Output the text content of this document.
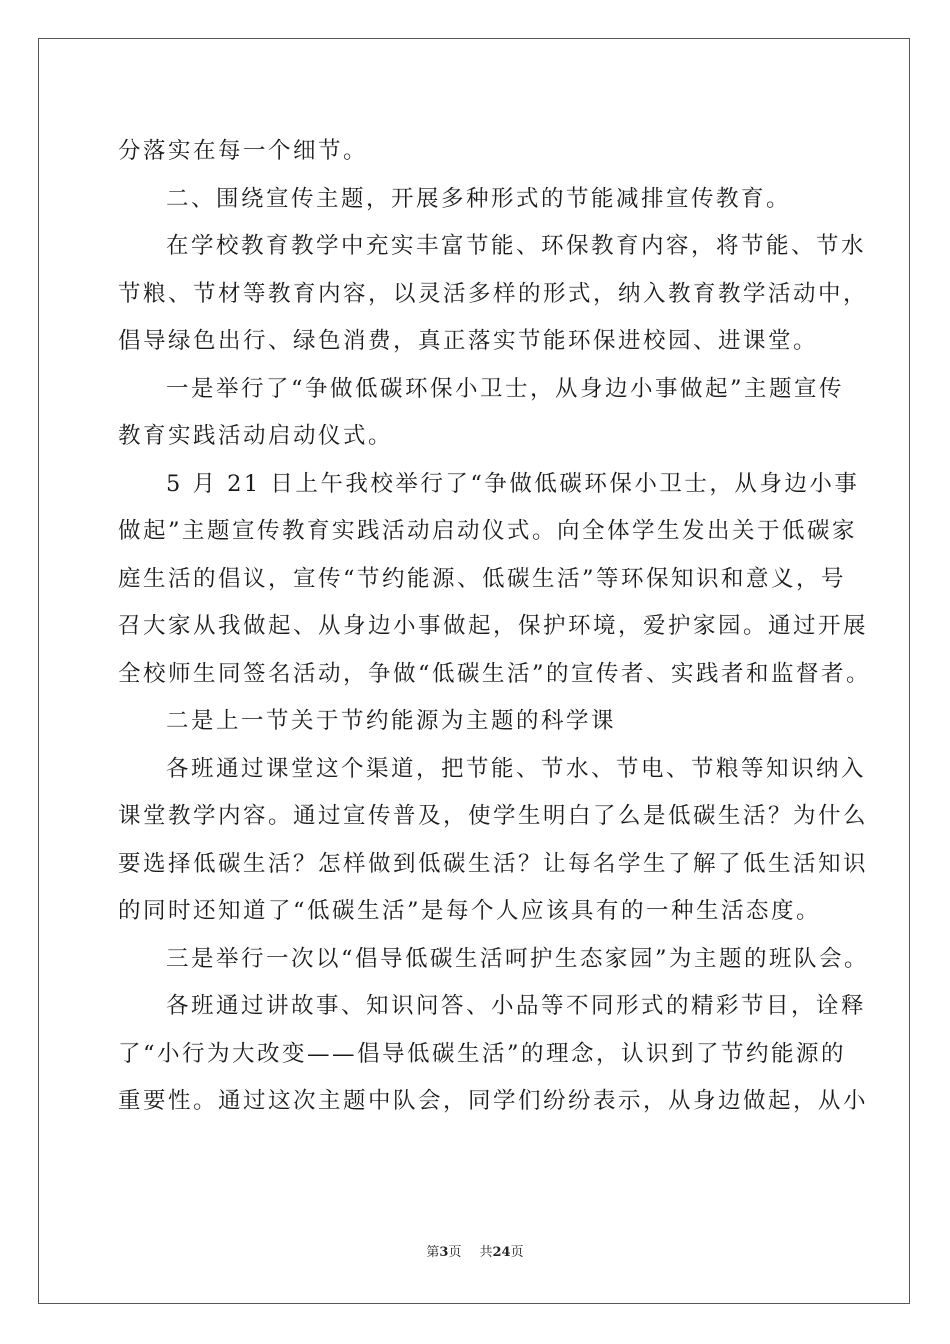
分落实在每一个细节。
二、围绕宣传主题，开展多种形式的节能减排宣传教育。
在学校教育教学中充实丰富节能、环保教育内容，将节能、节水
节粮、节材等教育内容，以灵活多样的形式，纳入教育教学活动中，
倡导绿色出行、绿色消费，真正落实节能环保进校园、进课堂。
一是举行了“争做低碳环保小卫士，从身边小事做起”主题宣传
教育实践活动启动仪式。
5 月 21 日上午我校举行了“争做低碳环保小卫士，从身边小事
做起”主题宣传教育实践活动启动仪式。向全体学生发出关于低碳家
庭生活的倡议，宣传“节约能源、低碳生活”等环保知识和意义，号
召大家从我做起、从身边小事做起，保护环境，爱护家园。通过开展
全校师生同签名活动，争做“低碳生活”的宣传者、实践者和监督者。
二是上一节关于节约能源为主题的科学课
各班通过课堂这个渠道，把节能、节水、节电、节粮等知识纳入
课堂教学内容。通过宣传普及，使学生明白了么是低碳生活？为什么
要选择低碳生活？怎样做到低碳生活？让每名学生了解了低生活知识
的同时还知道了“低碳生活”是每个人应该具有的一种生活态度。
三是举行一次以“倡导低碳生活呵护生态家园”为主题的班队会。
各班通过讲故事、知识问答、小品等不同形式的精彩节目，诠释
了“小行为大改变——倡导低碳生活”的理念，认识到了节约能源的
重要性。通过这次主题中队会，同学们纷纷表示，从身边做起，从小
第3页 共24页
